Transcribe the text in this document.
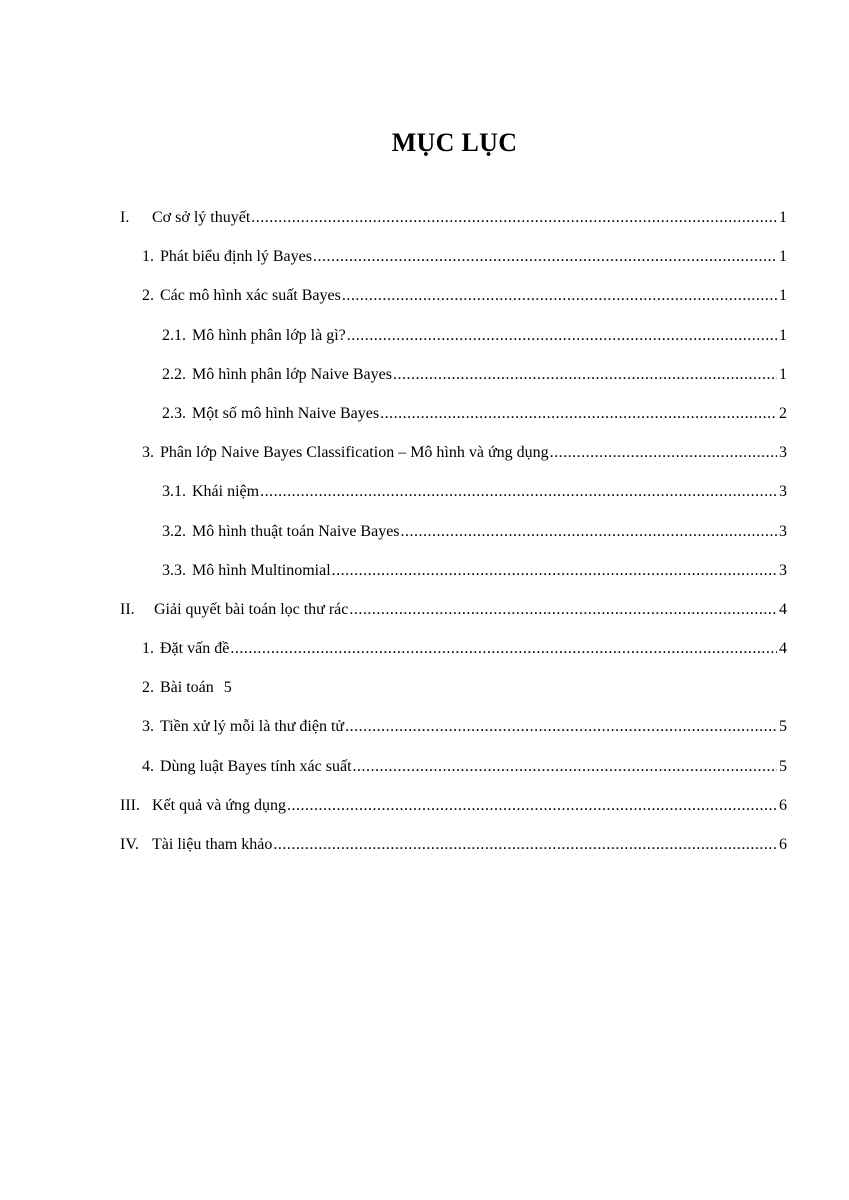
MỤC LỤC
I.	Cơ sở lý thuyết .....	1
1. Phát biểu định lý Bayes .....	1
2. Các mô hình xác suất Bayes .....	1
2.1. Mô hình phân lớp là gì? .....	1
2.2. Mô hình phân lớp Naive Bayes .....	1
2.3. Một số mô hình Naive Bayes .....	2
3. Phân lớp Naive Bayes Classification – Mô hình và ứng dụng .....	3
3.1. Khái niệm .....	3
3.2. Mô hình thuật toán Naive Bayes .....	3
3.3. Mô hình Multinomial .....	3
II.	Giải quyết bài toán lọc thư rác .....	4
1. Đặt vấn đề .....	4
2. Bài toán 5
3. Tiền xử lý mỗi là thư điện tử .....	5
4. Dùng luật Bayes tính xác suất .....	5
III. Kết quả và ứng dụng .....	6
IV. Tài liệu tham khảo .....	6
